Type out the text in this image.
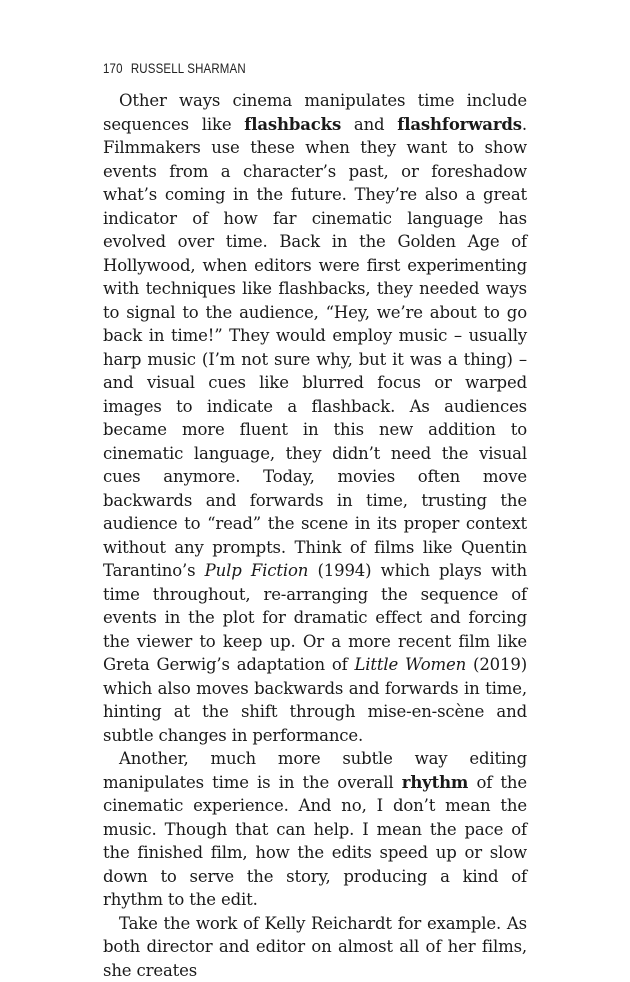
170 RUSSELL SHARMAN

Other ways cinema manipulates time include sequences like flashbacks and flashforwards. Filmmakers use these when they want to show events from a character’s past, or foreshadow what’s coming in the future. They’re also a great indicator of how far cinematic language has evolved over time. Back in the Golden Age of Hollywood, when editors were first experimenting with techniques like flashbacks, they needed ways to signal to the audience, “Hey, we’re about to go back in time!” They would employ music – usually harp music (I’m not sure why, but it was a thing) – and visual cues like blurred focus or warped images to indicate a flashback. As audiences became more fluent in this new addition to cinematic language, they didn’t need the visual cues anymore. Today, movies often move backwards and forwards in time, trusting the audience to “read” the scene in its proper context without any prompts. Think of films like Quentin Tarantino’s Pulp Fiction (1994) which plays with time throughout, re-arranging the sequence of events in the plot for dramatic effect and forcing the viewer to keep up. Or a more recent film like Greta Gerwig’s adaptation of Little Women (2019) which also moves backwards and forwards in time, hinting at the shift through mise-en-scène and subtle changes in performance.

Another, much more subtle way editing manipulates time is in the overall rhythm of the cinematic experience. And no, I don’t mean the music. Though that can help. I mean the pace of the finished film, how the edits speed up or slow down to serve the story, producing a kind of rhythm to the edit.

Take the work of Kelly Reichardt for example. As both director and editor on almost all of her films, she creates
